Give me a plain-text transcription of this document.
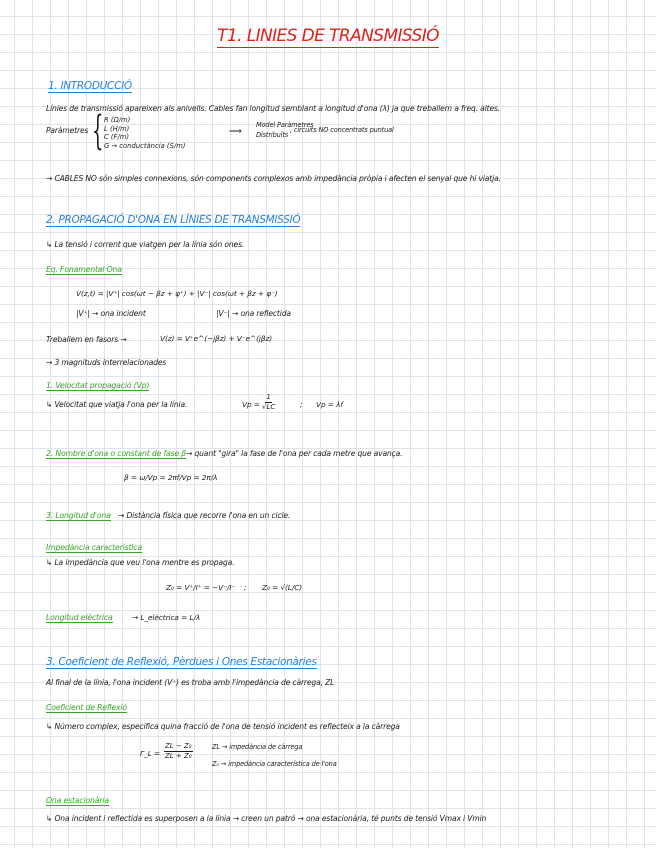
T1. LINIES DE TRANSMISSIÓ
1. INTRODUCCIÓ
Línies de transmissió apareixen als anivells. Cables fan longitud semblant a longitud d'ona (λ) ja que treballem a freq. altes.
Paràmetres { R (Ω/m)
L (H/m)
C (F/m)
G → conductància (S/m)
⟹
Model Paràmetres
Distribuïts
, circuits NO concentrats puntual
→ CABLES NO són simples connexions, són components complexos amb impedància pròpia i afecten el senyal que hi viatja.
2. PROPAGACIÓ D'ONA EN LÍNIES DE TRANSMISSIÓ
↳ La tensió i corrent que viatgen per la línia són ones.
Eq. Fonamental Ona
V(z,t) = |V⁺| cos(ωt − βz + φ⁺) + |V⁻| cos(ωt + βz + φ⁻)
|V⁺| → ona incident	|V⁻| → ona reflectida
Treballem en fasors →	V(z) = V⁺e^(−jβz) + V⁻e^(jβz)
→ 3 magnituds interrelacionades
1. Velocitat propagació (Vp)
↳ Velocitat que viatja l'ona per la línia.	$Vp = \frac{1}{√LC}$	; Vp = λf
2. Nombre d'ona o constant de fase β → quant "gira" la fase de l'ona per cada metre que avança.
β = ω/Vp = 2πf/Vp = 2π/λ
3. Longitud d'ona → Distància física que recorre l'ona en un cicle.
Impedància característica
↳ La impedància que veu l'ona mentre es propaga.
Z₀ = V⁺/I⁺ = −V⁻/I⁻ ; Z₀ = √(L/C)
Longitud elèctrica	→ L_elèctrica = L/λ
3. Coeficient de Reflexió, Pèrdues i Ones Estacionàries
Al final de la línia, l'ona incident (V⁺) es troba amb l'impedància de càrrega, ZL
Coeficient de Reflexió
↳ Número complex, especifica quina fracció de l'ona de tensió incident es reflecteix a la càrrega
Γ_L = $\frac{\text{ZL − Z₀}}{\text{ZL + Z₀}}$	ZL → impedància de càrrega
Z₀ → impedància característica de l'ona
Ona estacionària
↳ Ona incident i reflectida es superposen a la línia → creen un patró → ona estacionària, té punts de tensió Vmax i Vmin
